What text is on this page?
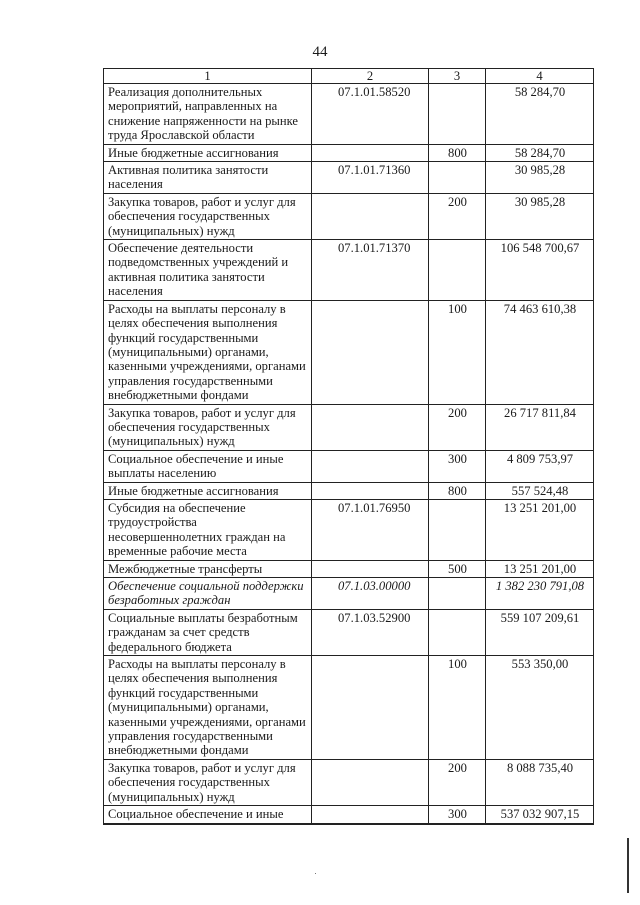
44
1	2	3	4
Реализация дополнительных мероприятий, направленных на снижение напряженности на рынке труда Ярославской области	07.1.01.58520		58 284,70
Иные бюджетные ассигнования		800	58 284,70
Активная политика занятости населения	07.1.01.71360		30 985,28
Закупка товаров, работ и услуг для обеспечения государственных (муниципальных) нужд		200	30 985,28
Обеспечение деятельности подведомственных учреждений и активная политика занятости населения	07.1.01.71370		106 548 700,67
Расходы на выплаты персоналу в целях обеспечения выполнения функций государственными (муниципальными) органами, казенными учреждениями, органами управления государственными внебюджетными фондами		100	74 463 610,38
Закупка товаров, работ и услуг для обеспечения государственных (муниципальных) нужд		200	26 717 811,84
Социальное обеспечение и иные выплаты населению		300	4 809 753,97
Иные бюджетные ассигнования		800	557 524,48
Субсидия на обеспечение трудоустройства несовершеннолетних граждан на временные рабочие места	07.1.01.76950		13 251 201,00
Межбюджетные трансферты		500	13 251 201,00
Обеспечение социальной поддержки безработных граждан	07.1.03.00000		1 382 230 791,08
Социальные выплаты безработным гражданам за счет средств федерального бюджета	07.1.03.52900		559 107 209,61
Расходы на выплаты персоналу в целях обеспечения выполнения функций государственными (муниципальными) органами, казенными учреждениями, органами управления государственными внебюджетными фондами		100	553 350,00
Закупка товаров, работ и услуг для обеспечения государственных (муниципальных) нужд		200	8 088 735,40
Социальное обеспечение и иные		300	537 032 907,15
